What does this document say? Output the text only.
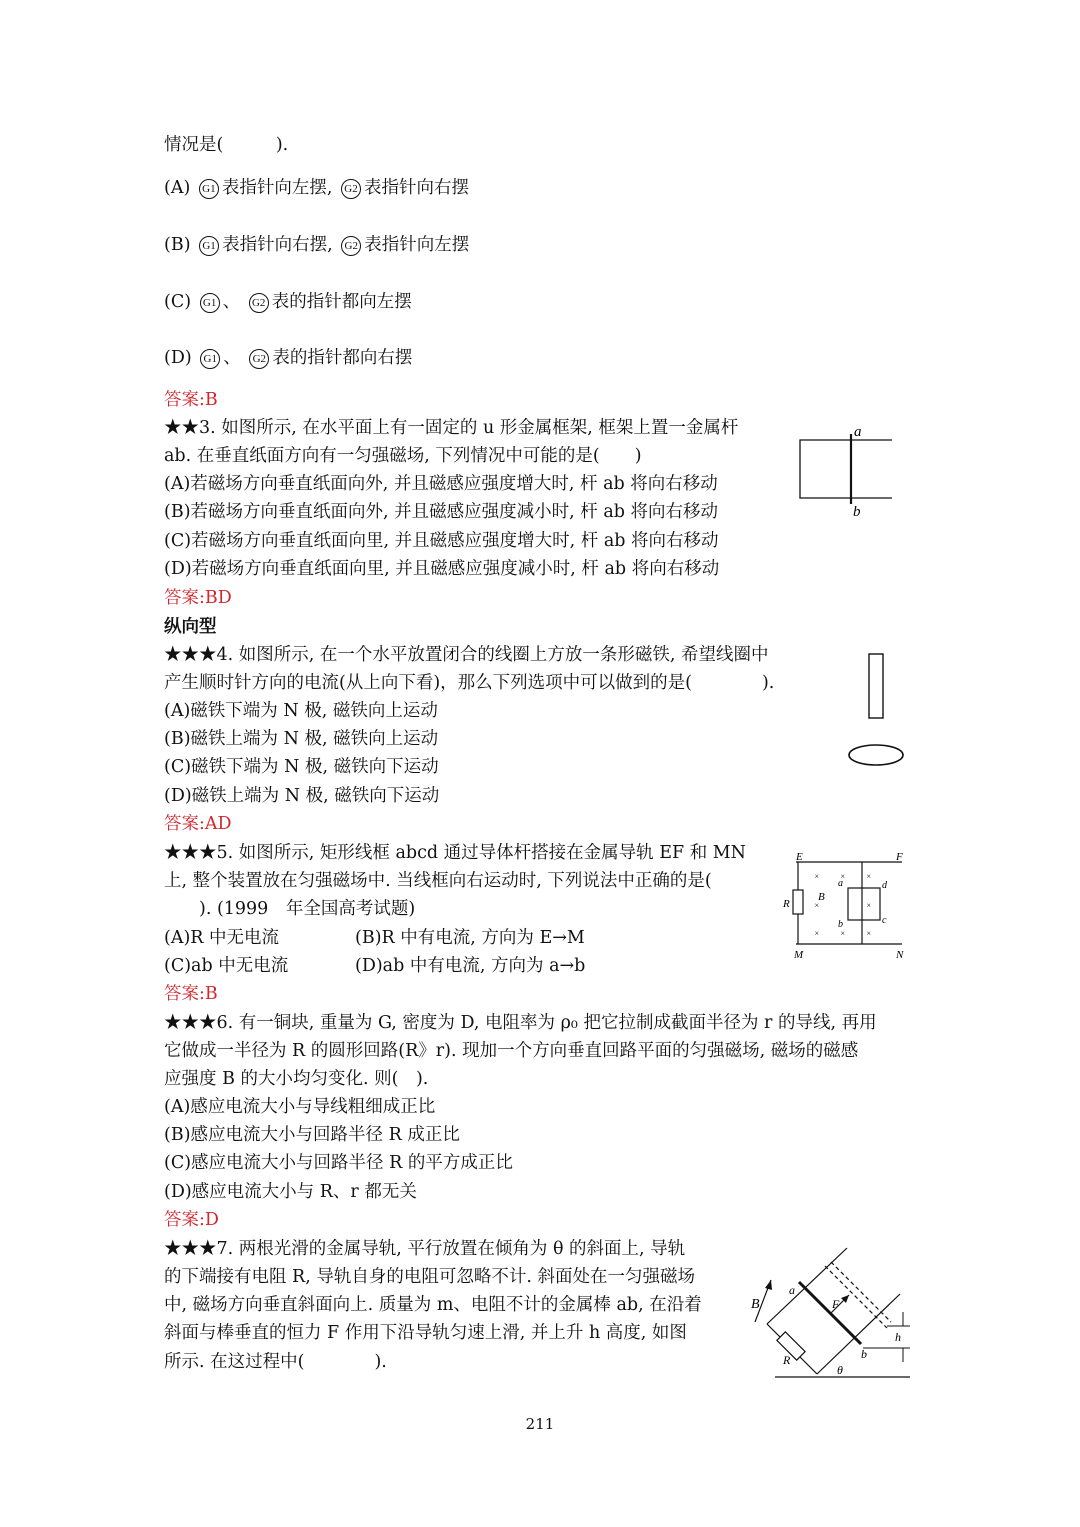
情况是(　　　).
(A) G1 表指针向左摆, G2 表指针向右摆
(B) G1 表指针向右摆, G2 表指针向左摆
(C) G1 、 G2 表的指针都向左摆
(D) G1 、 G2 表的指针都向右摆
答案:B
★★3. 如图所示, 在水平面上有一固定的 u 形金属框架, 框架上置一金属杆
ab. 在垂直纸面方向有一匀强磁场, 下列情况中可能的是(　　)
(A)若磁场方向垂直纸面向外, 并且磁感应强度增大时, 杆 ab 将向右移动
(B)若磁场方向垂直纸面向外, 并且磁感应强度减小时, 杆 ab 将向右移动
(C)若磁场方向垂直纸面向里, 并且磁感应强度增大时, 杆 ab 将向右移动
(D)若磁场方向垂直纸面向里, 并且磁感应强度减小时, 杆 ab 将向右移动
答案:BD
a
b
纵向型
★★★4. 如图所示, 在一个水平放置闭合的线圈上方放一条形磁铁, 希望线圈中
产生顺时针方向的电流(从上向下看)，那么下列选项中可以做到的是(　　　　).
(A)磁铁下端为 N 极, 磁铁向上运动
(B)磁铁上端为 N 极, 磁铁向上运动
(C)磁铁下端为 N 极, 磁铁向下运动
(D)磁铁上端为 N 极, 磁铁向下运动
答案:AD
★★★5. 如图所示, 矩形线框 abcd 通过导体杆搭接在金属导轨 EF 和 MN
上, 整个装置放在匀强磁场中. 当线框向右运动时, 下列说法中正确的是(
　　). (1999　年全国高考试题)
(A)R 中无电流	(B)R 中有电流, 方向为 E→M
(C)ab 中无电流	(D)ab 中有电流, 方向为 a→b
答案:B
E	F
M	N
R
B
a
b	c
d
×	×	×
×	×
×	×	×
★★★6. 有一铜块, 重量为 G, 密度为 D, 电阻率为 ρ₀ 把它拉制成截面半径为 r 的导线, 再用
它做成一半径为 R 的圆形回路(R》r). 现加一个方向垂直回路平面的匀强磁场, 磁场的磁感
应强度 B 的大小均匀变化. 则(　).
(A)感应电流大小与导线粗细成正比
(B)感应电流大小与回路半径 R 成正比
(C)感应电流大小与回路半径 R 的平方成正比
(D)感应电流大小与 R、r 都无关
答案:D
★★★7. 两根光滑的金属导轨, 平行放置在倾角为 θ 的斜面上, 导轨
的下端接有电阻 R, 导轨自身的电阻可忽略不计. 斜面处在一匀强磁场
中, 磁场方向垂直斜面向上. 质量为 m、电阻不计的金属棒 ab, 在沿着
斜面与棒垂直的恒力 F 作用下沿导轨匀速上滑, 并上升 h 高度, 如图
所示. 在这过程中(　　　　).
B
a
F
h
b
R
θ
211
